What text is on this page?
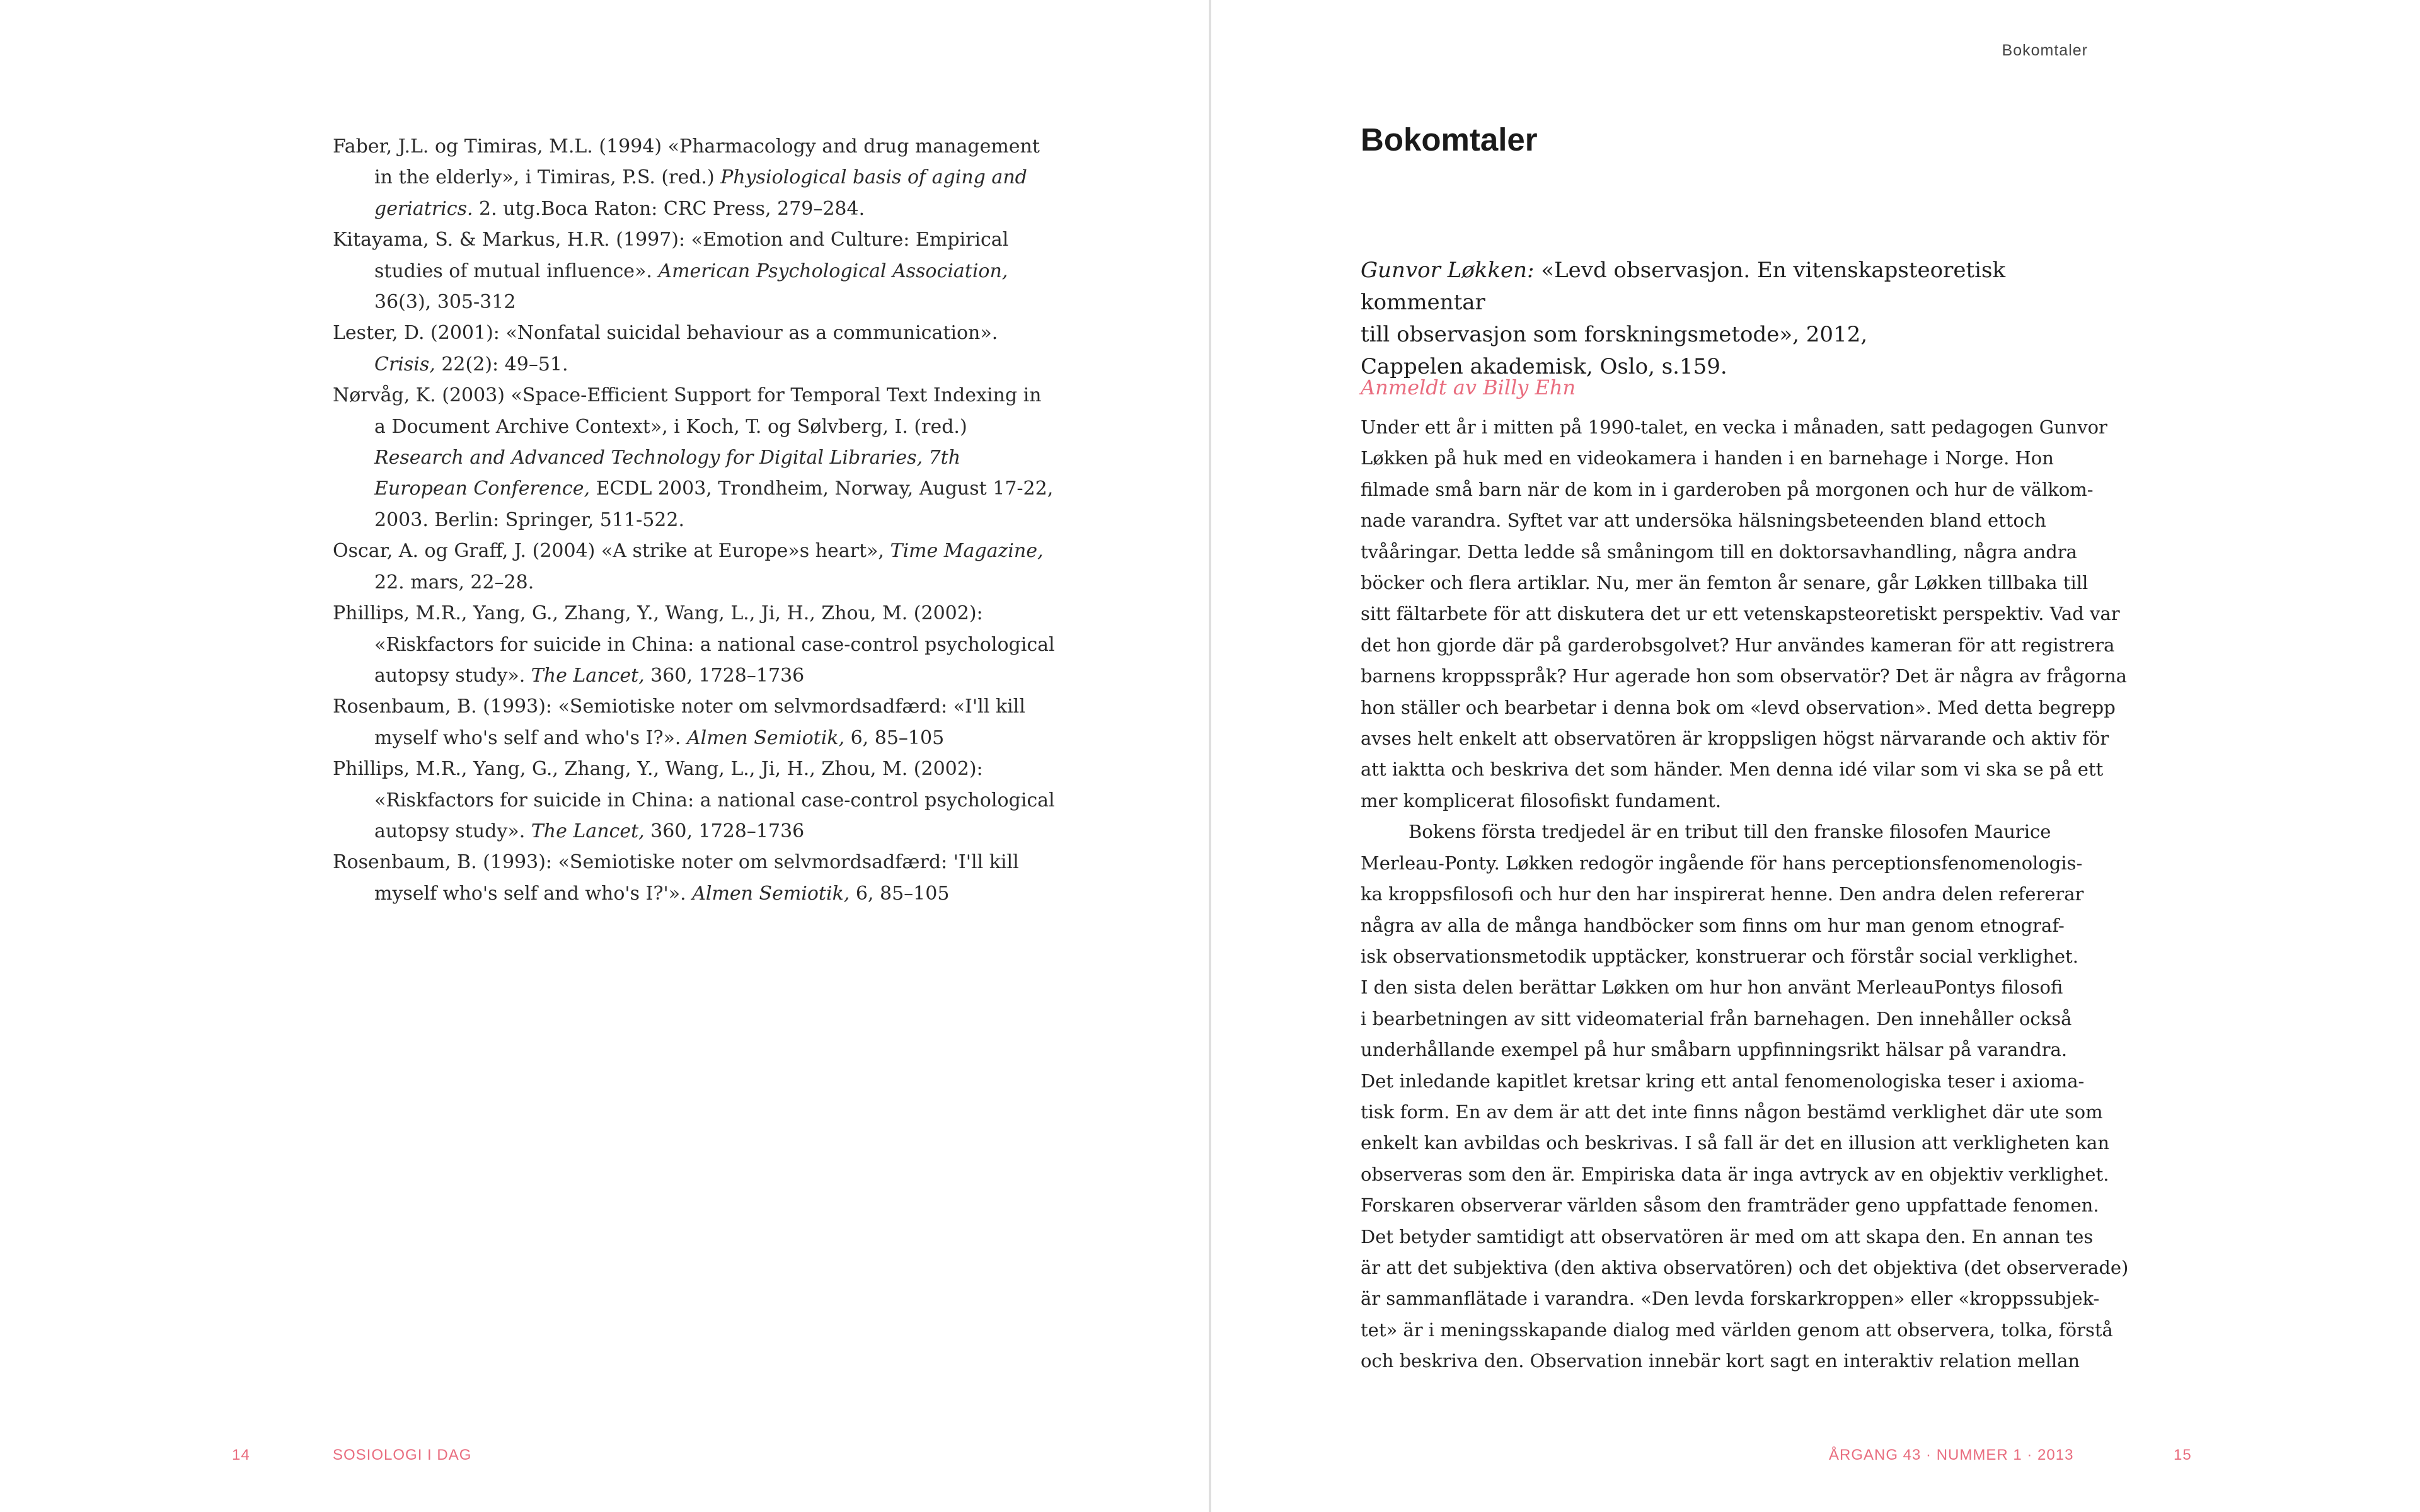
Faber, J.L. og Timiras, M.L. (1994) «Pharmacology and drug management in the elderly», i Timiras, P.S. (red.) Physiological basis of aging and geriatrics. 2. utg.Boca Raton: CRC Press, 279–284.

Kitayama, S. & Markus, H.R. (1997): «Emotion and Culture: Empirical studies of mutual influence». American Psychological Association, 36(3), 305-312

Lester, D. (2001): «Nonfatal suicidal behaviour as a communication». Crisis, 22(2): 49–51.

Nørvåg, K. (2003) «Space-Efficient Support for Temporal Text Indexing in a Document Archive Context», i Koch, T. og Sølvberg, I. (red.) Research and Advanced Technology for Digital Libraries, 7th European Conference, ECDL 2003, Trondheim, Norway, August 17-22, 2003. Berlin: Springer, 511-522.

Oscar, A. og Graff, J. (2004) «A strike at Europe»s heart», Time Magazine, 22. mars, 22–28.

Phillips, M.R., Yang, G., Zhang, Y., Wang, L., Ji, H., Zhou, M. (2002): «Riskfactors for suicide in China: a national case-control psychological autopsy study». The Lancet, 360, 1728–1736

Rosenbaum, B. (1993): «Semiotiske noter om selvmordsadfærd: «I'll kill myself who's self and who's I?». Almen Semiotik, 6, 85–105

Phillips, M.R., Yang, G., Zhang, Y., Wang, L., Ji, H., Zhou, M. (2002): «Riskfactors for suicide in China: a national case-control psychological autopsy study». The Lancet, 360, 1728–1736

Rosenbaum, B. (1993): «Semiotiske noter om selvmordsadfærd: 'I'll kill myself who's self and who's I?'». Almen Semiotik, 6, 85–105

14	SOSIOLOGI I DAG
Bokomtaler
Bokomtaler
Gunvor Løkken: «Levd observasjon. En vitenskapsteoretisk kommentar
till observasjon som forskningsmetode», 2012,
Cappelen akademisk, Oslo, s.159.
Anmeldt av Billy Ehn

Under ett år i mitten på 1990-talet, en vecka i månaden, satt pedagogen Gunvor
Løkken på huk med en videokamera i handen i en barnehage i Norge. Hon
filmade små barn när de kom in i garderoben på morgonen och hur de välkom-
nade varandra. Syftet var att undersöka hälsningsbeteenden bland ettoch
tvååringar. Detta ledde så småningom till en doktorsavhandling, några andra
böcker och flera artiklar. Nu, mer än femton år senare, går Løkken tillbaka till
sitt fältarbete för att diskutera det ur ett vetenskapsteoretiskt perspektiv. Vad var
det hon gjorde där på garderobsgolvet? Hur användes kameran för att registrera
barnens kroppsspråk? Hur agerade hon som observatör? Det är några av frågorna
hon ställer och bearbetar i denna bok om «levd observation». Med detta begrepp
avses helt enkelt att observatören är kroppsligen högst närvarande och aktiv för
att iaktta och beskriva det som händer. Men denna idé vilar som vi ska se på ett
mer komplicerat filosofiskt fundament.

Bokens första tredjedel är en tribut till den franske filosofen Maurice
Merleau-Ponty. Løkken redogör ingående för hans perceptionsfenomenologis-
ka kroppsfilosofi och hur den har inspirerat henne. Den andra delen refererar
några av alla de många handböcker som finns om hur man genom etnograf-
isk observationsmetodik upptäcker, konstruerar och förstår social verklighet.
I den sista delen berättar Løkken om hur hon använt MerleauPontys filosofi
i bearbetningen av sitt videomaterial från barnehagen. Den innehåller också
underhållande exempel på hur småbarn uppfinningsrikt hälsar på varandra.
Det inledande kapitlet kretsar kring ett antal fenomenologiska teser i axioma-
tisk form. En av dem är att det inte finns någon bestämd verklighet där ute som
enkelt kan avbildas och beskrivas. I så fall är det en illusion att verkligheten kan
observeras som den är. Empiriska data är inga avtryck av en objektiv verklighet.
Forskaren observerar världen såsom den framträder geno uppfattade fenomen.
Det betyder samtidigt att observatören är med om att skapa den. En annan tes
är att det subjektiva (den aktiva observatören) och det objektiva (det observerade)
är sammanflätade i varandra. «Den levda forskarkroppen» eller «kroppssubjek-
tet» är i meningsskapande dialog med världen genom att observera, tolka, förstå
och beskriva den. Observation innebär kort sagt en interaktiv relation mellan

ÅRGANG 43 · NUMMER 1 · 2013	15
